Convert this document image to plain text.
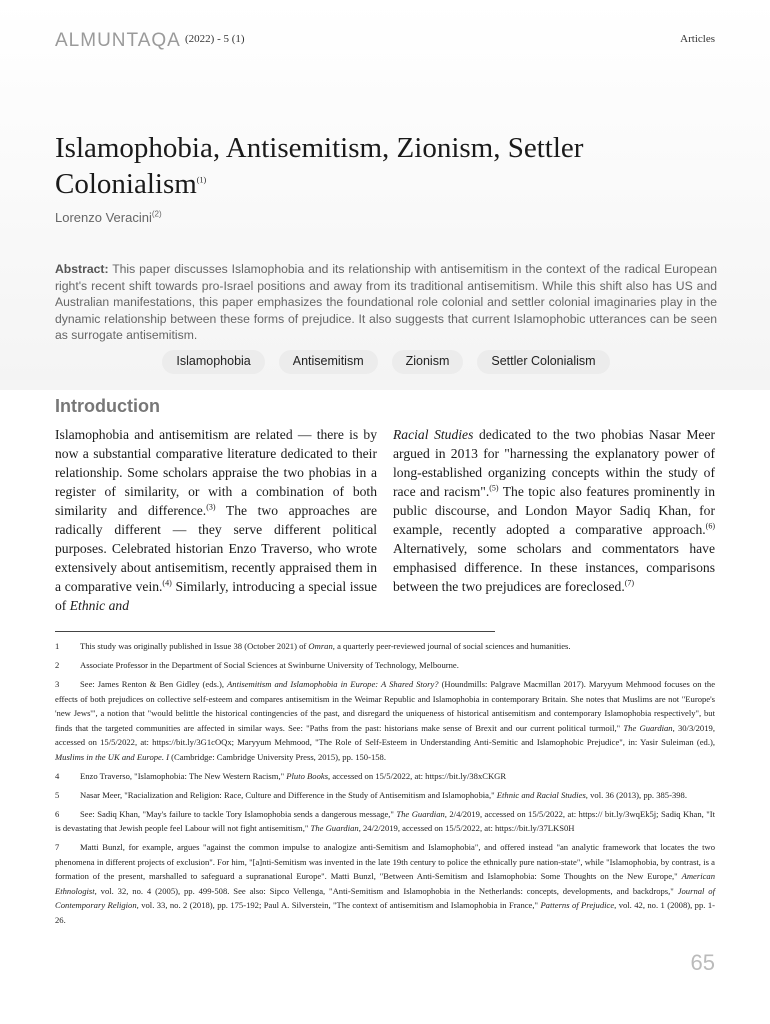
ALMUNTAQA (2022) - 5 (1)	Articles
Islamophobia, Antisemitism, Zionism, Settler Colonialism$^{(1)}$
Lorenzo Veracini$^{(2)}$

Abstract: This paper discusses Islamophobia and its relationship with antisemitism in the context of the radical European right's recent shift towards pro-Israel positions and away from its traditional antisemitism. While this shift also has US and Australian manifestations, this paper emphasizes the foundational role colonial and settler colonial imaginaries play in the dynamic relationship between these forms of prejudice. It also suggests that current Islamophobic utterances can be seen as surrogate antisemitism.

Islamophobia	Antisemitism	Zionism	Settler Colonialism
Introduction

Islamophobia and antisemitism are related — there is by now a substantial comparative literature dedicated to their relationship. Some scholars appraise the two phobias in a register of similarity, or with a combination of both similarity and difference.$^{(3)}$ The two approaches are radically different — they serve different political purposes. Celebrated historian Enzo Traverso, who wrote extensively about antisemitism, recently appraised them in a comparative vein.$^{(4)}$ Similarly, introducing a special issue of Ethnic and

Racial Studies dedicated to the two phobias Nasar Meer argued in 2013 for "harnessing the explanatory power of long-established organizing concepts within the study of race and racism".$^{(5)}$ The topic also features prominently in public discourse, and London Mayor Sadiq Khan, for example, recently adopted a comparative approach.$^{(6)}$ Alternatively, some scholars and commentators have emphasised difference. In these instances, comparisons between the two prejudices are foreclosed.$^{(7)}$

1 This study was originally published in Issue 38 (October 2021) of Omran, a quarterly peer-reviewed journal of social sciences and humanities.

2 Associate Professor in the Department of Social Sciences at Swinburne University of Technology, Melbourne.

3 See: James Renton & Ben Gidley (eds.), Antisemitism and Islamophobia in Europe: A Shared Story? (Houndmills: Palgrave Macmillan 2017). Maryyum Mehmood focuses on the effects of both prejudices on collective self-esteem and compares antisemitism in the Weimar Republic and Islamophobia in contemporary Britain. She notes that Muslims are not "Europe's 'new Jews'", a notion that "would belittle the historical contingencies of the past, and disregard the uniqueness of historical antisemitism and contemporary Islamophobia respectively", but finds that the targeted communities are affected in similar ways. See: "Paths from the past: historians make sense of Brexit and our current political turmoil," The Guardian, 30/3/2019, accessed on 15/5/2022, at: https://bit.ly/3G1cOQx; Maryyum Mehmood, "The Role of Self-Esteem in Understanding Anti-Semitic and Islamophobic Prejudice", in: Yasir Suleiman (ed.), Muslims in the UK and Europe. I (Cambridge: Cambridge University Press, 2015), pp. 150-158.

4 Enzo Traverso, "Islamophobia: The New Western Racism," Pluto Books, accessed on 15/5/2022, at: https://bit.ly/38xCKGR

5 Nasar Meer, "Racialization and Religion: Race, Culture and Difference in the Study of Antisemitism and Islamophobia," Ethnic and Racial Studies, vol. 36 (2013), pp. 385-398.

6 See: Sadiq Khan, "May's failure to tackle Tory Islamophobia sends a dangerous message," The Guardian, 2/4/2019, accessed on 15/5/2022, at: https:// bit.ly/3wqEk5j; Sadiq Khan, "It is devastating that Jewish people feel Labour will not fight antisemitism," The Guardian, 24/2/2019, accessed on 15/5/2022, at: https://bit.ly/37LKS0H

7 Matti Bunzl, for example, argues "against the common impulse to analogize anti-Semitism and Islamophobia", and offered instead "an analytic framework that locates the two phenomena in different projects of exclusion". For him, "[a]nti-Semitism was invented in the late 19th century to police the ethnically pure nation-state", while "Islamophobia, by contrast, is a formation of the present, marshalled to safeguard a supranational Europe". Matti Bunzl, "Between Anti-Semitism and Islamophobia: Some Thoughts on the New Europe," American Ethnologist, vol. 32, no. 4 (2005), pp. 499-508. See also: Sipco Vellenga, "Anti-Semitism and Islamophobia in the Netherlands: concepts, developments, and backdrops," Journal of Contemporary Religion, vol. 33, no. 2 (2018), pp. 175-192; Paul A. Silverstein, "The context of antisemitism and Islamophobia in France," Patterns of Prejudice, vol. 42, no. 1 (2008), pp. 1-26.

65
